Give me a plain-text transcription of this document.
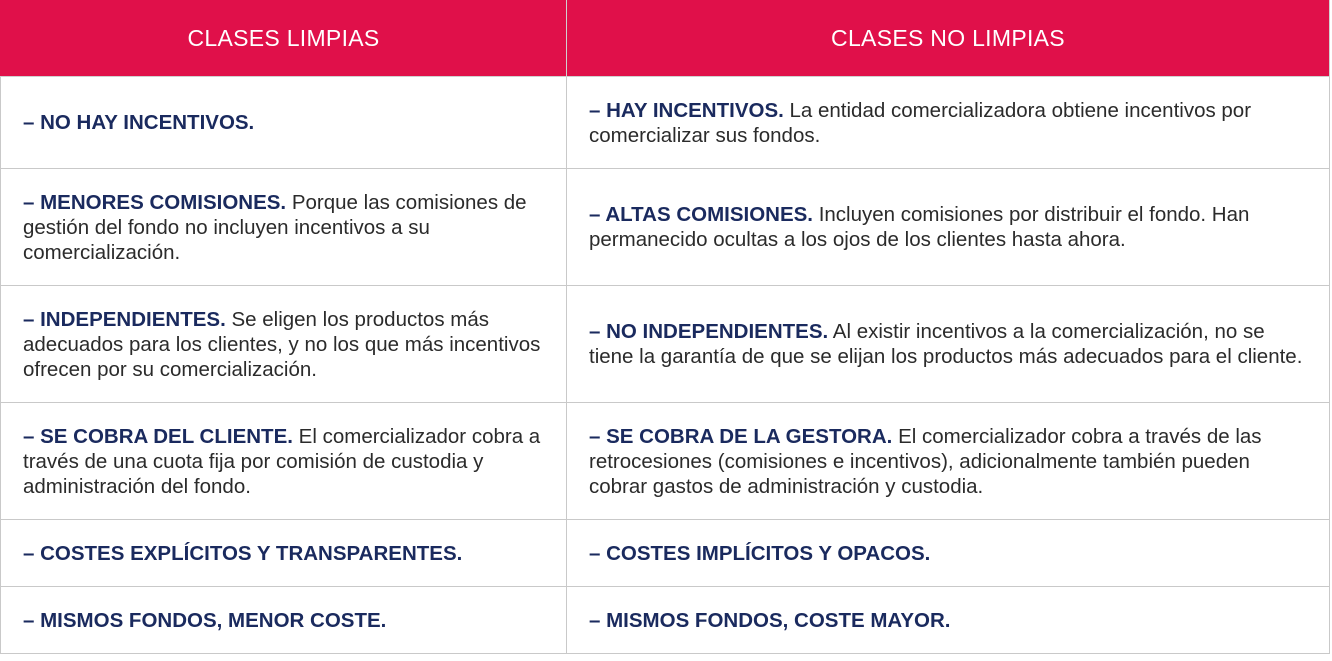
CLASES LIMPIAS	CLASES NO LIMPIAS
– NO HAY INCENTIVOS.	– HAY INCENTIVOS. La entidad comercializadora obtiene incentivos por comercializar sus fondos.
– MENORES COMISIONES. Porque las comisiones de gestión del fondo no incluyen incentivos a su comercialización.	– ALTAS COMISIONES. Incluyen comisiones por distribuir el fondo. Han permanecido ocultas a los ojos de los clientes hasta ahora.
– INDEPENDIENTES. Se eligen los productos más adecuados para los clientes, y no los que más incentivos ofrecen por su comercialización.	– NO INDEPENDIENTES. Al existir incentivos a la comercialización, no se tiene la garantía de que se elijan los productos más adecuados para el cliente.
– SE COBRA DEL CLIENTE. El comercializador cobra a través de una cuota fija por comisión de custodia y administración del fondo.	– SE COBRA DE LA GESTORA. El comercializador cobra a través de las retrocesiones (comisiones e incentivos), adicionalmente también pueden cobrar gastos de administración y custodia.
– COSTES EXPLÍCITOS Y TRANSPARENTES.	– COSTES IMPLÍCITOS Y OPACOS.
– MISMOS FONDOS, MENOR COSTE.	– MISMOS FONDOS, COSTE MAYOR.
